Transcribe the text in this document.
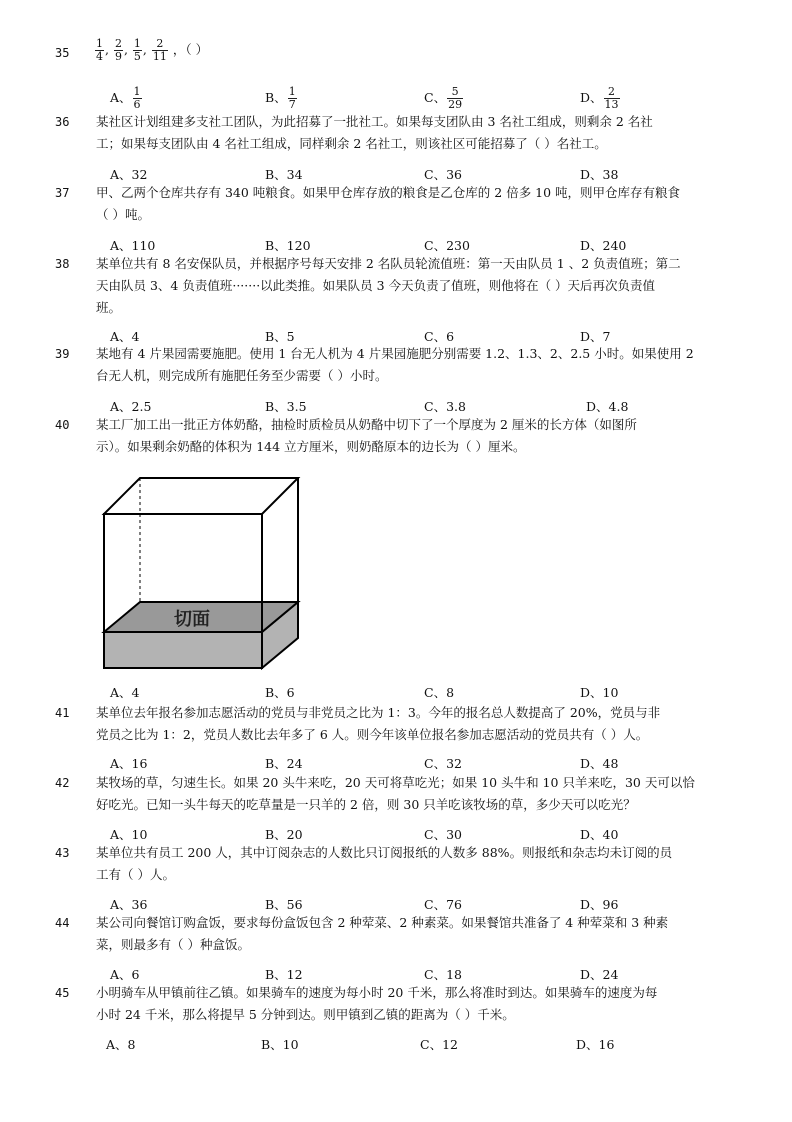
$35 \frac{1}{4}$ , $\frac{2}{9}$ , $\frac{1}{5}$ , $\frac{2}{11}$ ，（ ）
A、 $\frac{1}{6}$	B、 $\frac{1}{7}$	C、 $\frac{5}{29}$	D、 $\frac{2}{13}$
36 某社区计划组建多支社工团队，为此招募了一批社工。如果每支团队由 3 名社工组成，则剩余 2 名社
工；如果每支团队由 4 名社工组成，同样剩余 2 名社工，则该社区可能招募了（ ）名社工。
A、32	B、34	C、36	D、38
37 甲、乙两个仓库共存有 340 吨粮食。如果甲仓库存放的粮食是乙仓库的 2 倍多 10 吨，则甲仓库存有粮食
（ ）吨。
A、110	B、120	C、230	D、240
38 某单位共有 8 名安保队员，并根据序号每天安排 2 名队员轮流值班：第一天由队员 1 、2 负责值班；第二
天由队员 3、4 负责值班·······以此类推。如果队员 3 今天负责了值班，则他将在（ ）天后再次负责值
班。
A、4	B、5	C、6	D、7
39 某地有 4 片果园需要施肥。使用 1 台无人机为 4 片果园施肥分别需要 1.2、1.3、2、2.5 小时。如果使用 2
台无人机，则完成所有施肥任务至少需要（ ）小时。
A、2.5	B、3.5	C、3.8	D、4.8
40 某工厂加工出一批正方体奶酪，抽检时质检员从奶酪中切下了一个厚度为 2 厘米的长方体（如图所
示）。如果剩余奶酪的体积为 144 立方厘米，则奶酪原本的边长为（ ）厘米。
切面
A、4	B、6	C、8	D、10
41 某单位去年报名参加志愿活动的党员与非党员之比为 1：3。今年的报名总人数提高了 20%，党员与非
党员之比为 1：2，党员人数比去年多了 6 人。则今年该单位报名参加志愿活动的党员共有（ ）人。
A、16	B、24	C、32	D、48
42 某牧场的草，匀速生长。如果 20 头牛来吃，20 天可将草吃光；如果 10 头牛和 10 只羊来吃，30 天可以恰
好吃光。已知一头牛每天的吃草量是一只羊的 2 倍，则 30 只羊吃该牧场的草，多少天可以吃光？
A、10	B、20	C、30	D、40
43 某单位共有员工 200 人，其中订阅杂志的人数比只订阅报纸的人数多 88%。则报纸和杂志均未订阅的员
工有（ ）人。
A、36	B、56	C、76	D、96
44 某公司向餐馆订购盒饭，要求每份盒饭包含 2 种荤菜、2 种素菜。如果餐馆共准备了 4 种荤菜和 3 种素
菜，则最多有（ ）种盒饭。
A、6	B、12	C、18	D、24
45 小明骑车从甲镇前往乙镇。如果骑车的速度为每小时 20 千米，那么将准时到达。如果骑车的速度为每
小时 24 千米，那么将提早 5 分钟到达。则甲镇到乙镇的距离为（ ）千米。
A、8	B、10	C、12	D、16
